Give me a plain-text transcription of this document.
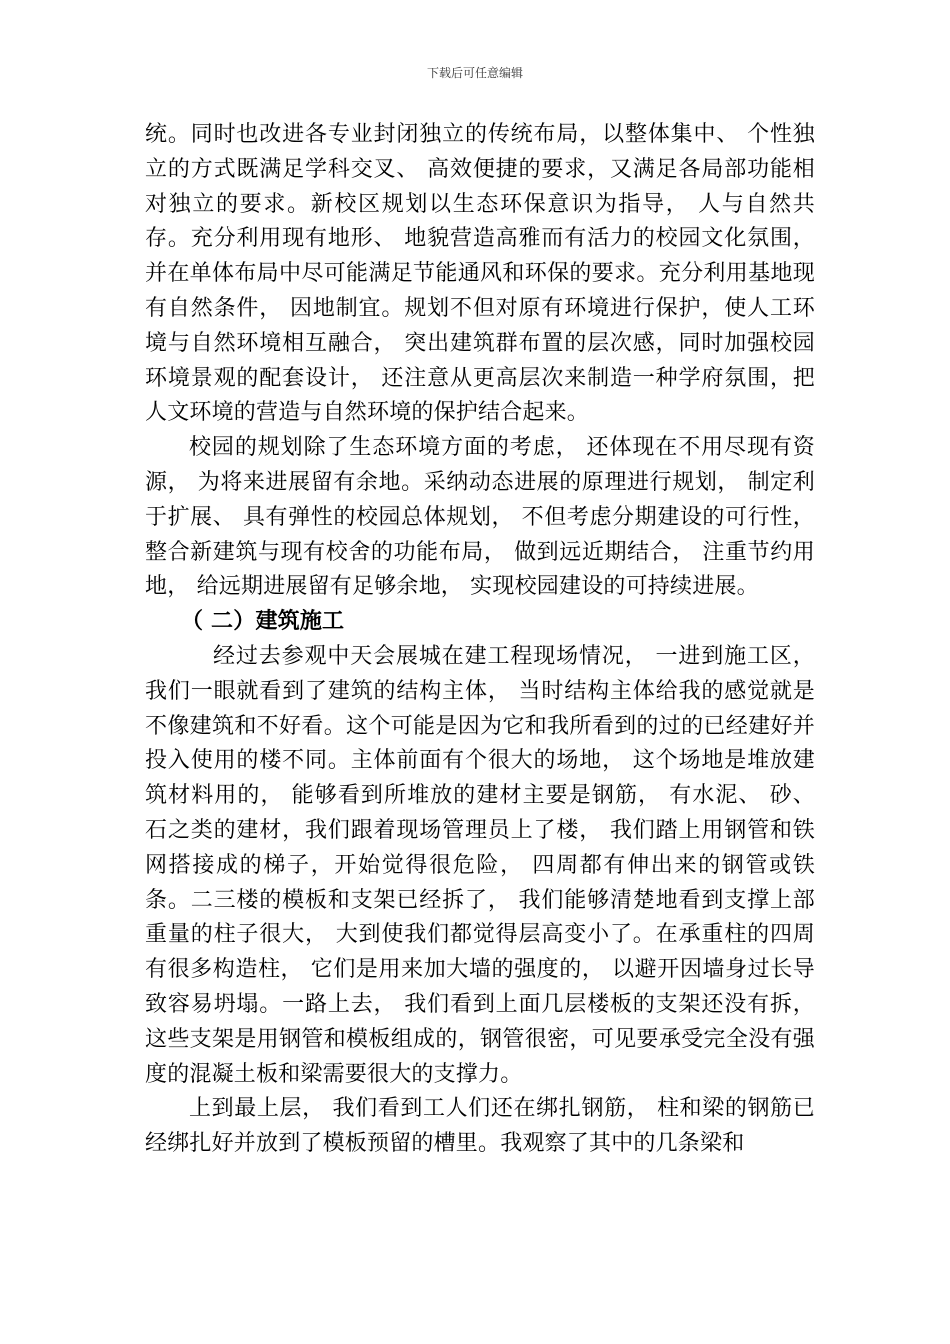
下载后可任意编辑

统。同时也改进各专业封闭独立的传统布局，以整体集中、 个性独立的方式既满足学科交叉、 高效便捷的要求，又满足各局部功能相对独立的要求。新校区规划以生态环保意识为指导， 人与自然共存。充分利用现有地形、 地貌营造高雅而有活力的校园文化氛围， 并在单体布局中尽可能满足节能通风和环保的要求。充分利用基地现有自然条件， 因地制宜。规划不但对原有环境进行保护，使人工环境与自然环境相互融合， 突出建筑群布置的层次感，同时加强校园环境景观的配套设计， 还注意从更高层次来制造一种学府氛围，把人文环境的营造与自然环境的保护结合起来。

校园的规划除了生态环境方面的考虑， 还体现在不用尽现有资源， 为将来进展留有余地。采纳动态进展的原理进行规划， 制定利于扩展、 具有弹性的校园总体规划， 不但考虑分期建设的可行性， 整合新建筑与现有校舍的功能布局， 做到远近期结合， 注重节约用地， 给远期进展留有足够余地， 实现校园建设的可持续进展。

（ 二）建筑施工

经过去参观中天会展城在建工程现场情况， 一进到施工区，我们一眼就看到了建筑的结构主体， 当时结构主体给我的感觉就是不像建筑和不好看。这个可能是因为它和我所看到的过的已经建好并投入使用的楼不同。主体前面有个很大的场地， 这个场地是堆放建筑材料用的， 能够看到所堆放的建材主要是钢筋， 有水泥、 砂、 石之类的建材，我们跟着现场管理员上了楼， 我们踏上用钢管和铁网搭接成的梯子，开始觉得很危险， 四周都有伸出来的钢管或铁条。二三楼的模板和支架已经拆了， 我们能够清楚地看到支撑上部重量的柱子很大， 大到使我们都觉得层高变小了。在承重柱的四周有很多构造柱， 它们是用来加大墙的强度的， 以避开因墙身过长导致容易坍塌。一路上去， 我们看到上面几层楼板的支架还没有拆，这些支架是用钢管和模板组成的，钢管很密，可见要承受完全没有强度的混凝土板和梁需要很大的支撑力。

上到最上层， 我们看到工人们还在绑扎钢筋， 柱和梁的钢筋已经绑扎好并放到了模板预留的槽里。我观察了其中的几条梁和
